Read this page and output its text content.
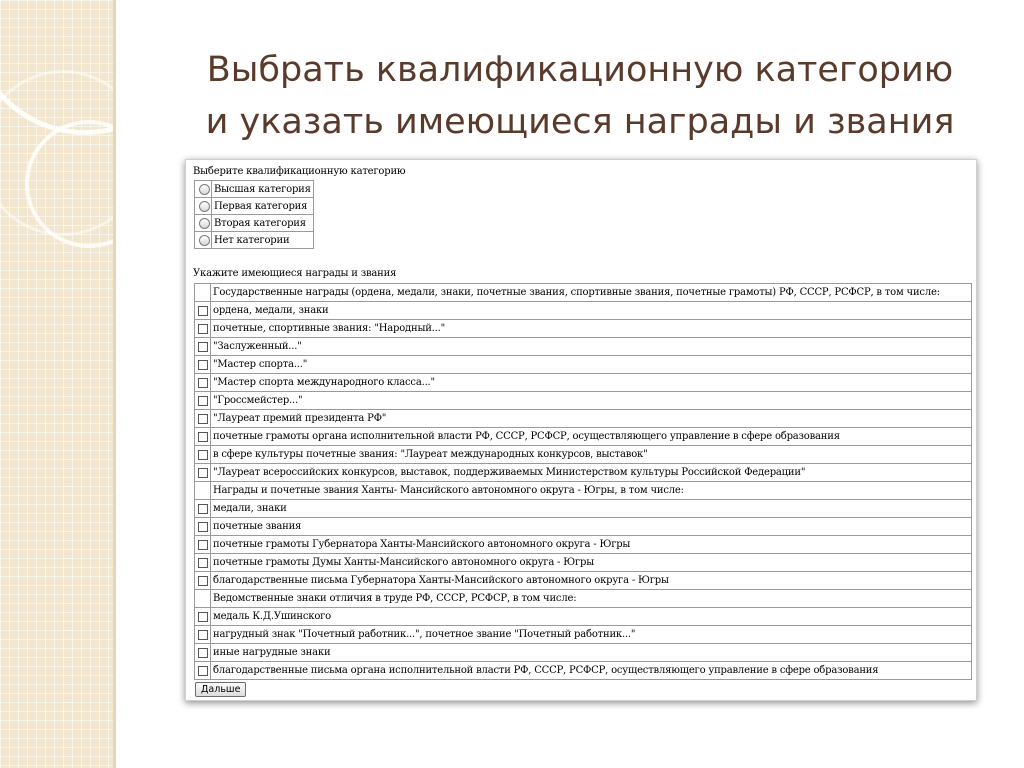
Выбрать квалификационную категорию
и указать имеющиеся награды и звания
Выберите квалификационную категорию
	Высшая категория
	Первая категория
	Вторая категория
	Нет категории
Укажите имеющиеся награды и звания
	Государственные награды (ордена, медали, знаки, почетные звания, спортивные звания, почетные грамоты) РФ, СССР, РСФСР, в том числе:
	ордена, медали, знаки
	почетные, спортивные звания: "Народный..."
	"Заслуженный..."
	"Мастер спорта..."
	"Мастер спорта международного класса..."
	"Гроссмейстер..."
	"Лауреат премий президента РФ"
	почетные грамоты органа исполнительной власти РФ, СССР, РСФСР, осуществляющего управление в сфере образования
	в сфере культуры почетные звания: "Лауреат международных конкурсов, выставок"
	"Лауреат всероссийских конкурсов, выставок, поддерживаемых Министерством культуры Российской Федерации"
	Награды и почетные звания Ханты- Мансийского автономного округа - Югры, в том числе:
	медали, знаки
	почетные звания
	почетные грамоты Губернатора Ханты-Мансийского автономного округа - Югры
	почетные грамоты Думы Ханты-Мансийского автономного округа - Югры
	благодарственные письма Губернатора Ханты-Мансийского автономного округа - Югры
	Ведомственные знаки отличия в труде РФ, СССР, РСФСР, в том числе:
	медаль К.Д.Ушинского
	нагрудный знак "Почетный работник...", почетное звание "Почетный работник..."
	иные нагрудные знаки
	благодарственные письма органа исполнительной власти РФ, СССР, РСФСР, осуществляющего управление в сфере образования
Дальше
